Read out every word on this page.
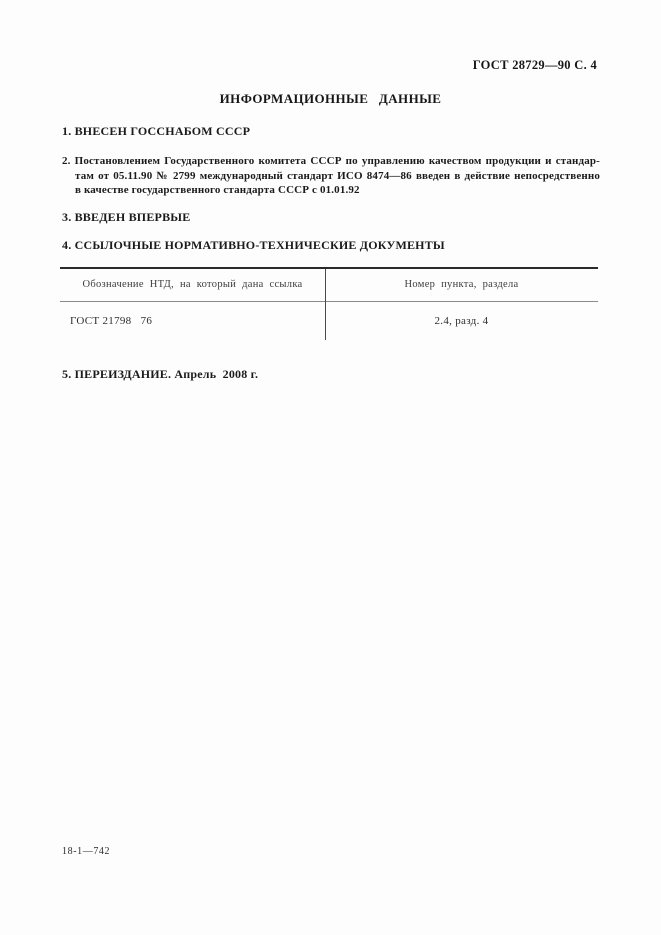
ГОСТ 28729—90 С. 4
ИНФОРМАЦИОННЫЕ ДАННЫЕ
1. ВНЕСЕН ГОССНАБОМ СССР
2. Постановлением Государственного комитета СССР по управлению качеством продукции и стандар-
там от 05.11.90 № 2799 международный стандарт ИСО 8474—86 введен в действие непосредственно
в качестве государственного стандарта СССР с 01.01.92
3. ВВЕДЕН ВПЕРВЫЕ
4. ССЫЛОЧНЫЕ НОРМАТИВНО-ТЕХНИЧЕСКИЕ ДОКУМЕНТЫ
Обозначение НТД, на который дана ссылка	Номер пункта, раздела
ГОСТ 21798   76	2.4, разд. 4
5. ПЕРЕИЗДАНИЕ. Апрель  2008 г.
18-1—742
